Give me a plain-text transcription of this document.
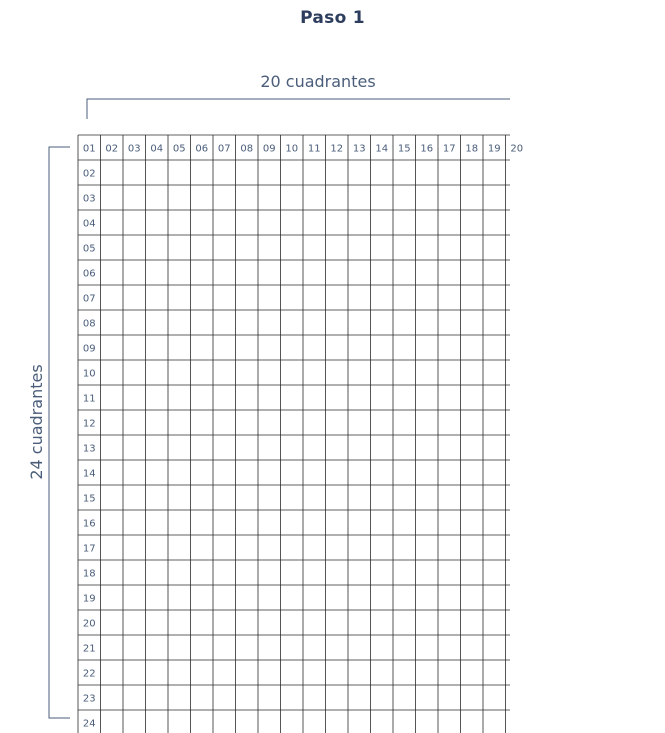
Paso 1
20 cuadrantes
24 cuadrantes
01 02 03 04 05 06 07 08 09 10 11 12 13 14 15 16 17 18 19 20
02
03
04
05
06
07
08
09
10
11
12
13
14
15
16
17
18
19
20
21
22
23
24
